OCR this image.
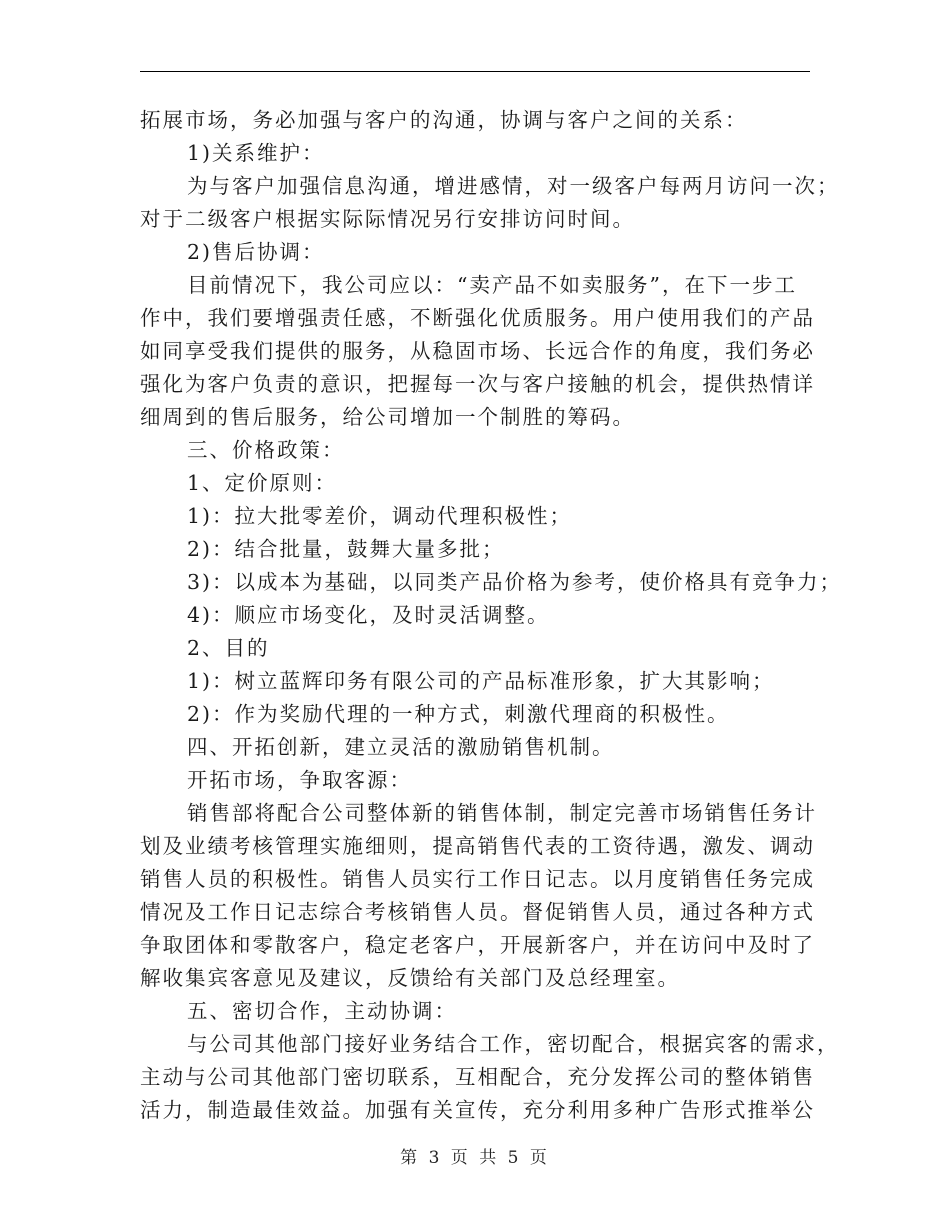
拓展市场，务必加强与客户的沟通，协调与客户之间的关系：
1)关系维护：
为与客户加强信息沟通，增进感情，对一级客户每两月访问一次；
对于二级客户根据实际际情况另行安排访问时间。
2)售后协调：
目前情况下，我公司应以：“卖产品不如卖服务”，在下一步工
作中，我们要增强责任感，不断强化优质服务。用户使用我们的产品
如同享受我们提供的服务，从稳固市场、长远合作的角度，我们务必
强化为客户负责的意识，把握每一次与客户接触的机会，提供热情详
细周到的售后服务，给公司增加一个制胜的筹码。
三、价格政策：
1、定价原则：
1)：拉大批零差价，调动代理积极性；
2)：结合批量，鼓舞大量多批；
3)：以成本为基础，以同类产品价格为参考，使价格具有竞争力；
4)：顺应市场变化，及时灵活调整。
2、目的
1)：树立蓝辉印务有限公司的产品标准形象，扩大其影响；
2)：作为奖励代理的一种方式，刺激代理商的积极性。
四、开拓创新，建立灵活的激励销售机制。
开拓市场，争取客源：
销售部将配合公司整体新的销售体制，制定完善市场销售任务计
划及业绩考核管理实施细则，提高销售代表的工资待遇，激发、调动
销售人员的积极性。销售人员实行工作日记志。以月度销售任务完成
情况及工作日记志综合考核销售人员。督促销售人员，通过各种方式
争取团体和零散客户，稳定老客户，开展新客户，并在访问中及时了
解收集宾客意见及建议，反馈给有关部门及总经理室。
五、密切合作，主动协调：
与公司其他部门接好业务结合工作，密切配合，根据宾客的需求，
主动与公司其他部门密切联系，互相配合，充分发挥公司的整体销售
活力，制造最佳效益。加强有关宣传，充分利用多种广告形式推举公
第 3 页 共 5 页
